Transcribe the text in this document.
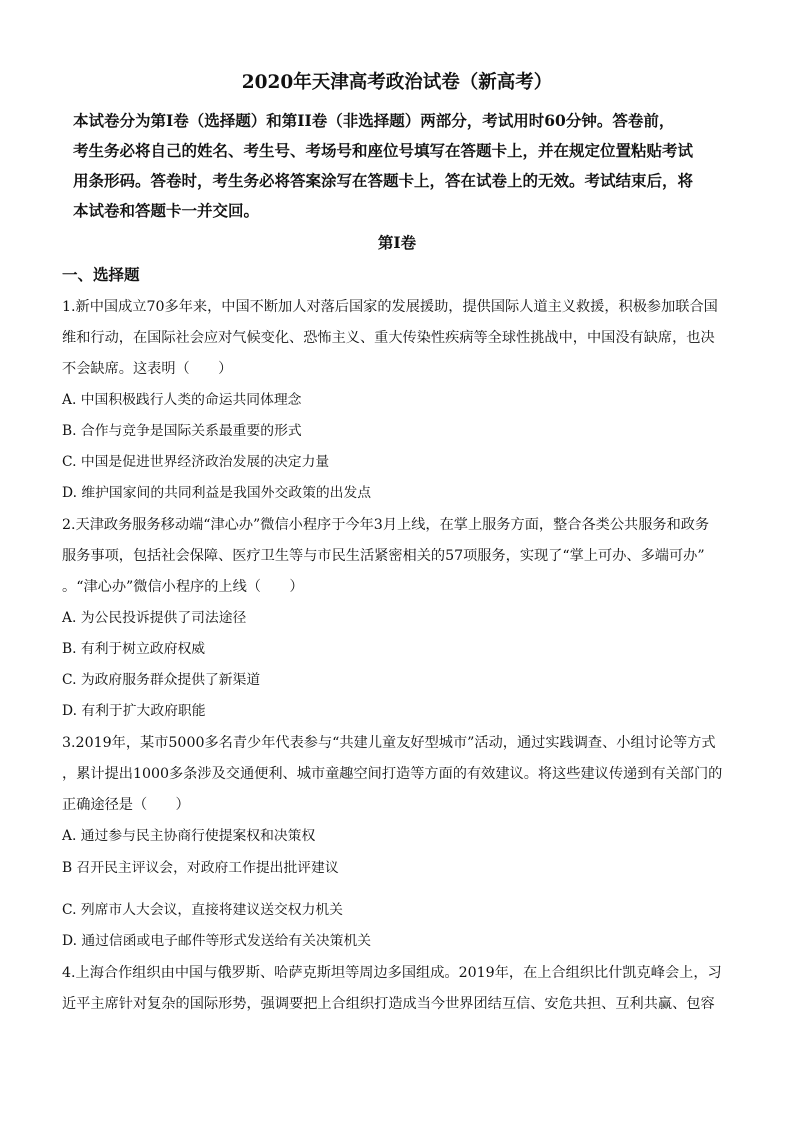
2020年天津高考政治试卷（新高考）
本试卷分为第Ⅰ卷（选择题）和第II卷（非选择题）两部分，考试用时60分钟。答卷前，
考生务必将自己的姓名、考生号、考场号和座位号填写在答题卡上，并在规定位置粘贴考试
用条形码。答卷时，考生务必将答案涂写在答题卡上，答在试卷上的无效。考试结束后，将
本试卷和答题卡一并交回。
第Ⅰ卷
一、选择题
1.新中国成立70多年来，中国不断加人对落后国家的发展援助，提供国际人道主义救援，积极参加联合国
维和行动，在国际社会应对气候变化、恐怖主义、重大传染性疾病等全球性挑战中，中国没有缺席，也决
不会缺席。这表明（　　）
A. 中国积极践行人类的命运共同体理念
B. 合作与竞争是国际关系最重要的形式
C. 中国是促进世界经济政治发展的决定力量
D. 维护国家间的共同利益是我国外交政策的出发点
2.天津政务服务移动端“津心办”微信小程序于今年3月上线，在掌上服务方面，整合各类公共服务和政务
服务事项，包括社会保障、医疗卫生等与市民生活紧密相关的57项服务，实现了“掌上可办、多端可办”
。“津心办”微信小程序的上线（　　）
A. 为公民投诉提供了司法途径
B. 有利于树立政府权威
C. 为政府服务群众提供了新渠道
D. 有利于扩大政府职能
3.2019年，某市5000多名青少年代表参与“共建儿童友好型城市”活动，通过实践调查、小组讨论等方式
，累计提出1000多条涉及交通便利、城市童趣空间打造等方面的有效建议。将这些建议传递到有关部门的
正确途径是（　　）
A. 通过参与民主协商行使提案权和决策权
B 召开民主评议会，对政府工作提出批评建议
C. 列席市人大会议，直接将建议送交权力机关
D. 通过信函或电子邮件等形式发送给有关决策机关
4.上海合作组织由中国与俄罗斯、哈萨克斯坦等周边多国组成。2019年，在上合组织比什凯克峰会上，习
近平主席针对复杂的国际形势，强调要把上合组织打造成当今世界团结互信、安危共担、互利共赢、包容
